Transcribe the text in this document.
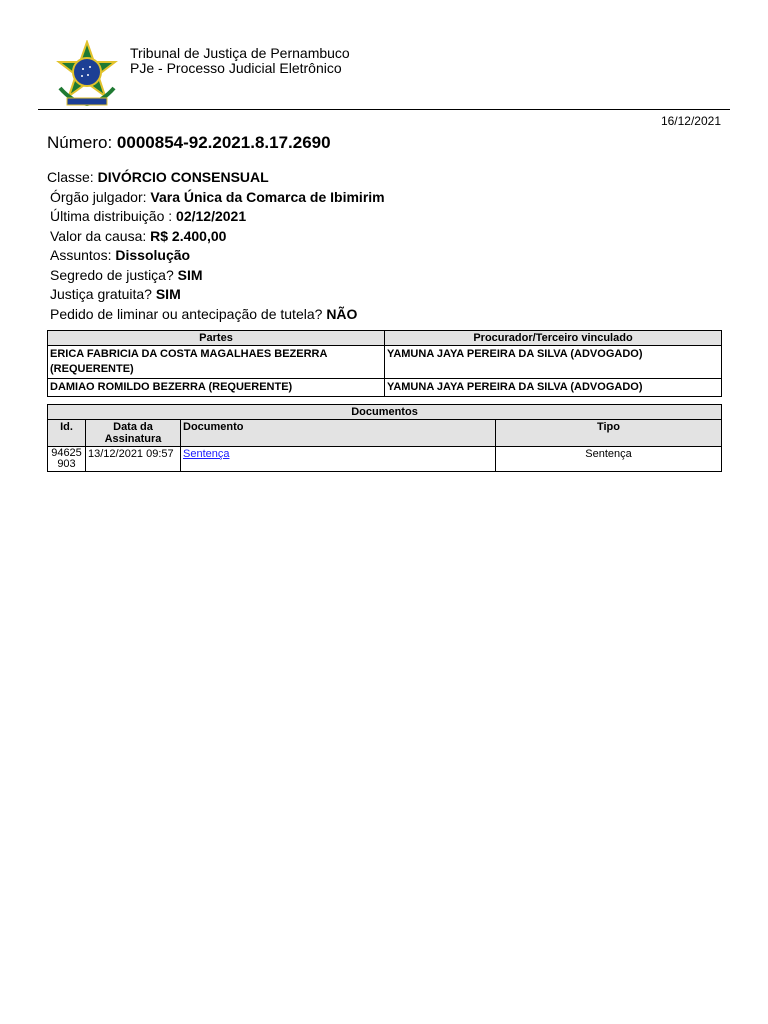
Tribunal de Justiça de Pernambuco
PJe - Processo Judicial Eletrônico
16/12/2021
Número: 0000854-92.2021.8.17.2690
Classe: DIVÓRCIO CONSENSUAL
Órgão julgador: Vara Única da Comarca de Ibimirim
Última distribuição : 02/12/2021
Valor da causa: R$ 2.400,00
Assuntos: Dissolução
Segredo de justiça? SIM
Justiça gratuita? SIM
Pedido de liminar ou antecipação de tutela? NÃO
Partes	Procurador/Terceiro vinculado
ERICA FABRICIA DA COSTA MAGALHAES BEZERRA (REQUERENTE)	YAMUNA JAYA PEREIRA DA SILVA (ADVOGADO)
DAMIAO ROMILDO BEZERRA (REQUERENTE)	YAMUNA JAYA PEREIRA DA SILVA (ADVOGADO)
Documentos			
Id.	Data da Assinatura	Documento	Tipo
94625 903	13/12/2021 09:57	Sentença	Sentença
